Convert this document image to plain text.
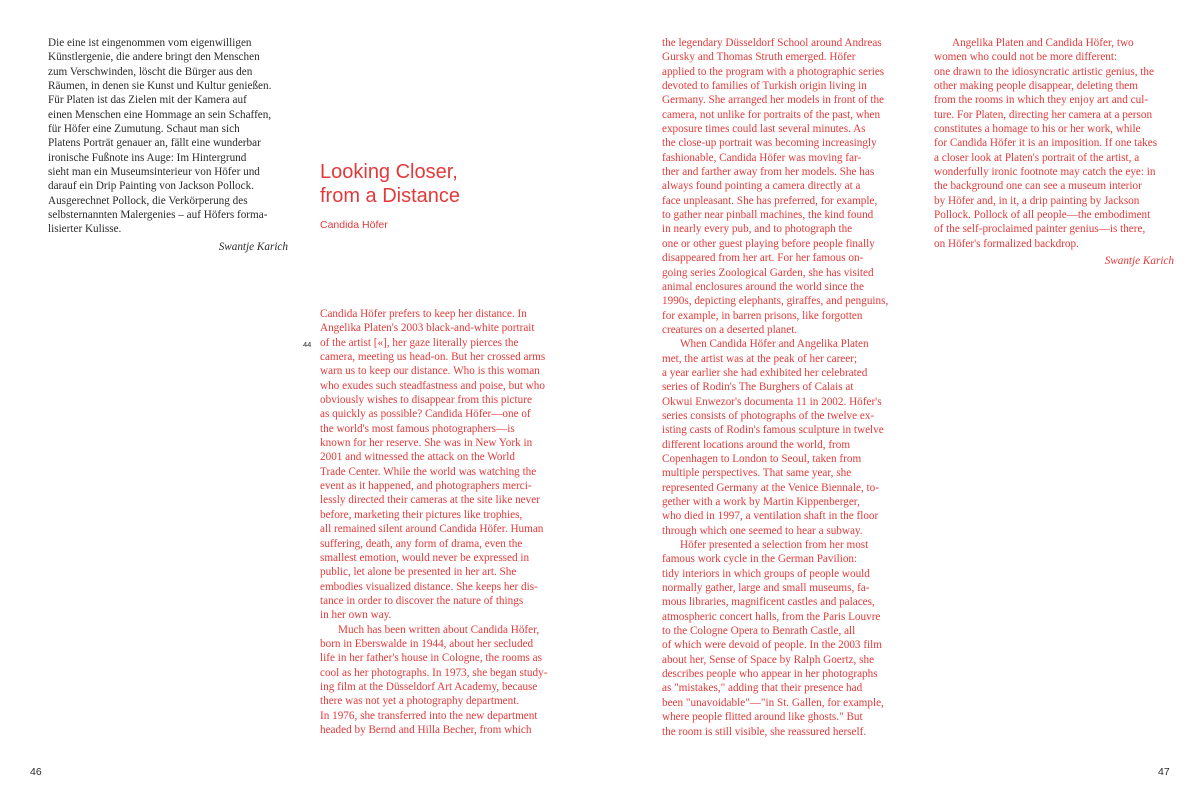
Die eine ist eingenommen vom eigenwilligen
Künstlergenie, die andere bringt den Menschen
zum Verschwinden, löscht die Bürger aus den
Räumen, in denen sie Kunst und Kultur genießen.
Für Platen ist das Zielen mit der Kamera auf
einen Menschen eine Hommage an sein Schaffen,
für Höfer eine Zumutung. Schaut man sich
Platens Porträt genauer an, fällt eine wunderbar
ironische Fußnote ins Auge: Im Hintergrund
sieht man ein Museumsinterieur von Höfer und
darauf ein Drip Painting von Jackson Pollock.
Ausgerechnet Pollock, die Verkörperung des
selbsternannten Malergenies – auf Höfers forma-
lisierter Kulisse.

Swantje Karich

Looking Closer,
from a Distance

Candida Höfer
44

Candida Höfer prefers to keep her distance. In
Angelika Platen's 2003 black-and-white portrait
of the artist [«], her gaze literally pierces the
camera, meeting us head-on. But her crossed arms
warn us to keep our distance. Who is this woman
who exudes such steadfastness and poise, but who
obviously wishes to disappear from this picture
as quickly as possible? Candida Höfer—one of
the world's most famous photographers—is
known for her reserve. She was in New York in
2001 and witnessed the attack on the World
Trade Center. While the world was watching the
event as it happened, and photographers merci-
lessly directed their cameras at the site like never
before, marketing their pictures like trophies,
all remained silent around Candida Höfer. Human
suffering, death, any form of drama, even the
smallest emotion, would never be expressed in
public, let alone be presented in her art. She
embodies visualized distance. She keeps her dis-
tance in order to discover the nature of things
in her own way.

Much has been written about Candida Höfer,
born in Eberswalde in 1944, about her secluded
life in her father's house in Cologne, the rooms as
cool as her photographs. In 1973, she began study-
ing film at the Düsseldorf Art Academy, because
there was not yet a photography department.
In 1976, she transferred into the new department
headed by Bernd and Hilla Becher, from which

the legendary Düsseldorf School around Andreas
Gursky and Thomas Struth emerged. Höfer
applied to the program with a photographic series
devoted to families of Turkish origin living in
Germany. She arranged her models in front of the
camera, not unlike for portraits of the past, when
exposure times could last several minutes. As
the close-up portrait was becoming increasingly
fashionable, Candida Höfer was moving far-
ther and farther away from her models. She has
always found pointing a camera directly at a
face unpleasant. She has preferred, for example,
to gather near pinball machines, the kind found
in nearly every pub, and to photograph the
one or other guest playing before people finally
disappeared from her art. For her famous on-
going series Zoological Garden, she has visited
animal enclosures around the world since the
1990s, depicting elephants, giraffes, and penguins,
for example, in barren prisons, like forgotten
creatures on a deserted planet.

When Candida Höfer and Angelika Platen
met, the artist was at the peak of her career;
a year earlier she had exhibited her celebrated
series of Rodin's The Burghers of Calais at
Okwui Enwezor's documenta 11 in 2002. Höfer's
series consists of photographs of the twelve ex-
isting casts of Rodin's famous sculpture in twelve
different locations around the world, from
Copenhagen to London to Seoul, taken from
multiple perspectives. That same year, she
represented Germany at the Venice Biennale, to-
gether with a work by Martin Kippenberger,
who died in 1997, a ventilation shaft in the floor
through which one seemed to hear a subway.

Höfer presented a selection from her most
famous work cycle in the German Pavilion:
tidy interiors in which groups of people would
normally gather, large and small museums, fa-
mous libraries, magnificent castles and palaces,
atmospheric concert halls, from the Paris Louvre
to the Cologne Opera to Benrath Castle, all
of which were devoid of people. In the 2003 film
about her, Sense of Space by Ralph Goertz, she
describes people who appear in her photographs
as "mistakes," adding that their presence had
been "unavoidable"—"in St. Gallen, for example,
where people flitted around like ghosts." But
the room is still visible, she reassured herself.

Angelika Platen and Candida Höfer, two
women who could not be more different:
one drawn to the idiosyncratic artistic genius, the
other making people disappear, deleting them
from the rooms in which they enjoy art and cul-
ture. For Platen, directing her camera at a person
constitutes a homage to his or her work, while
for Candida Höfer it is an imposition. If one takes
a closer look at Platen's portrait of the artist, a
wonderfully ironic footnote may catch the eye: in
the background one can see a museum interior
by Höfer and, in it, a drip painting by Jackson
Pollock. Pollock of all people—the embodiment
of the self-proclaimed painter genius—is there,
on Höfer's formalized backdrop.

Swantje Karich

46	47
